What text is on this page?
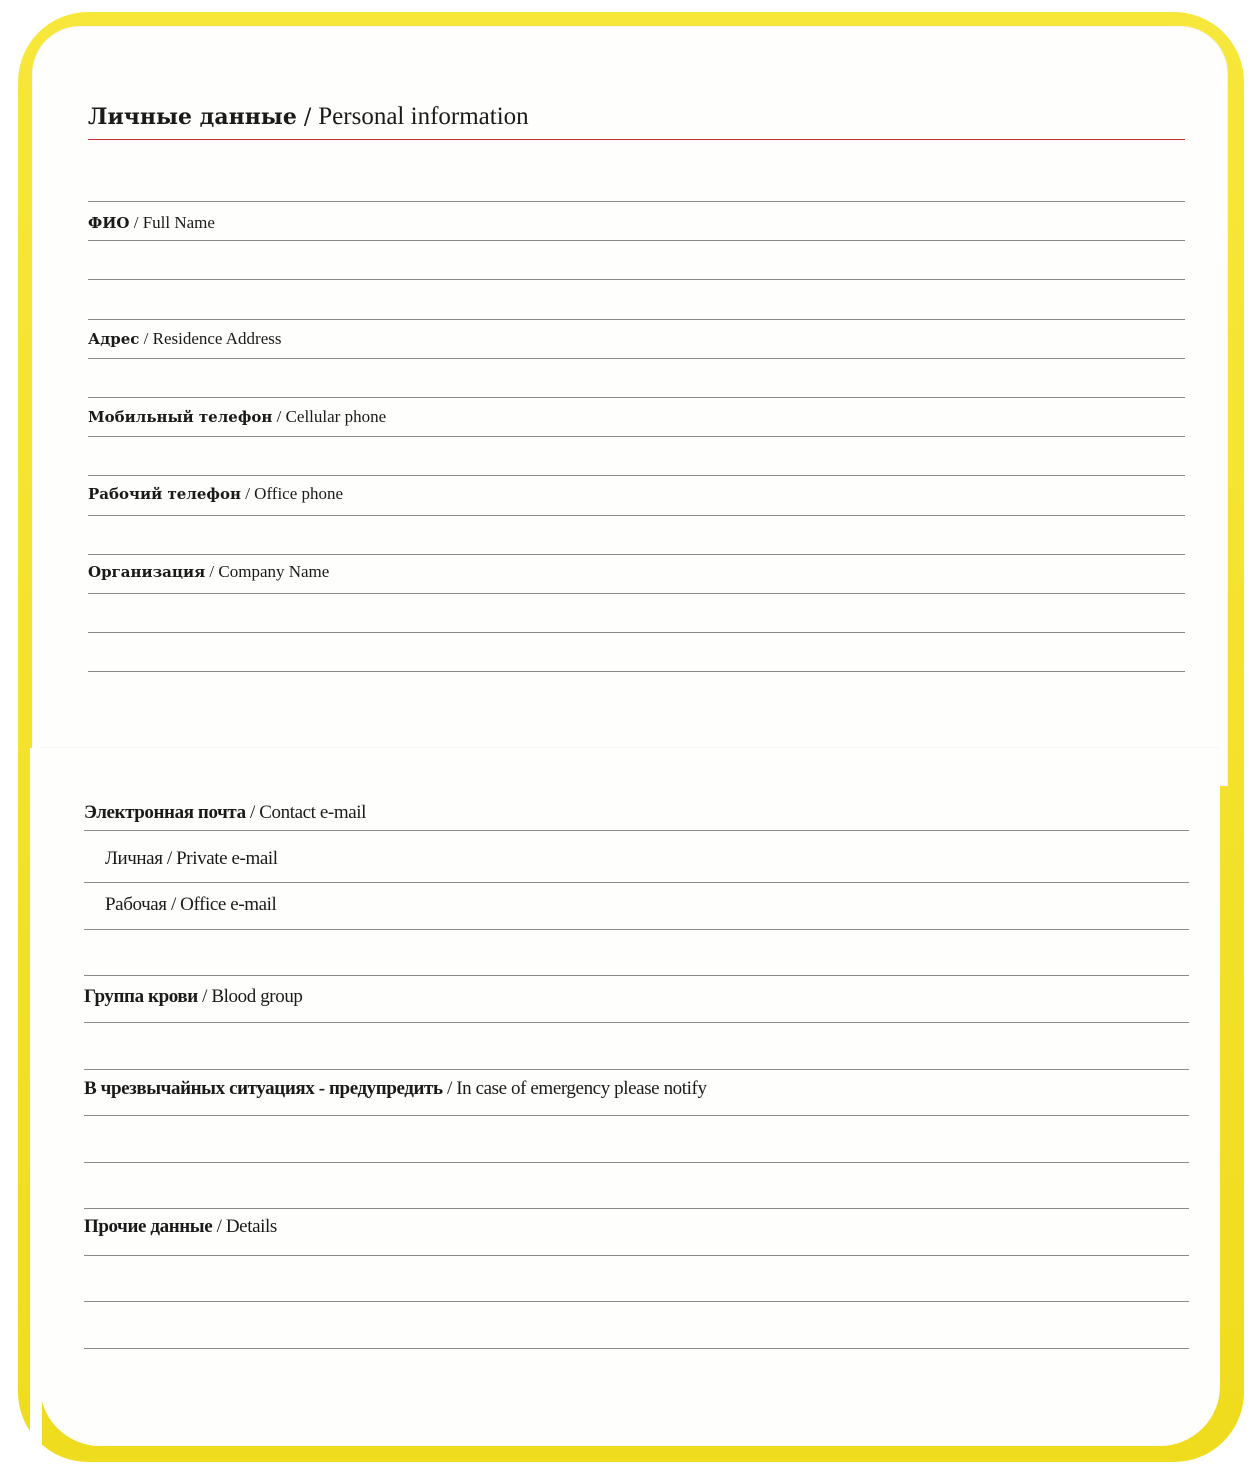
Личные данные / Personal information
ФИО / Full Name
Адрес / Residence Address
Мобильный телефон / Cellular phone
Рабочий телефон / Office phone
Организация / Company Name
Электронная почта / Contact e-mail
Личная / Private e-mail
Рабочая / Office e-mail
Группа крови / Blood group
В чрезвычайных ситуациях - предупредить / In case of emergency please notify
Прочие данные / Details
